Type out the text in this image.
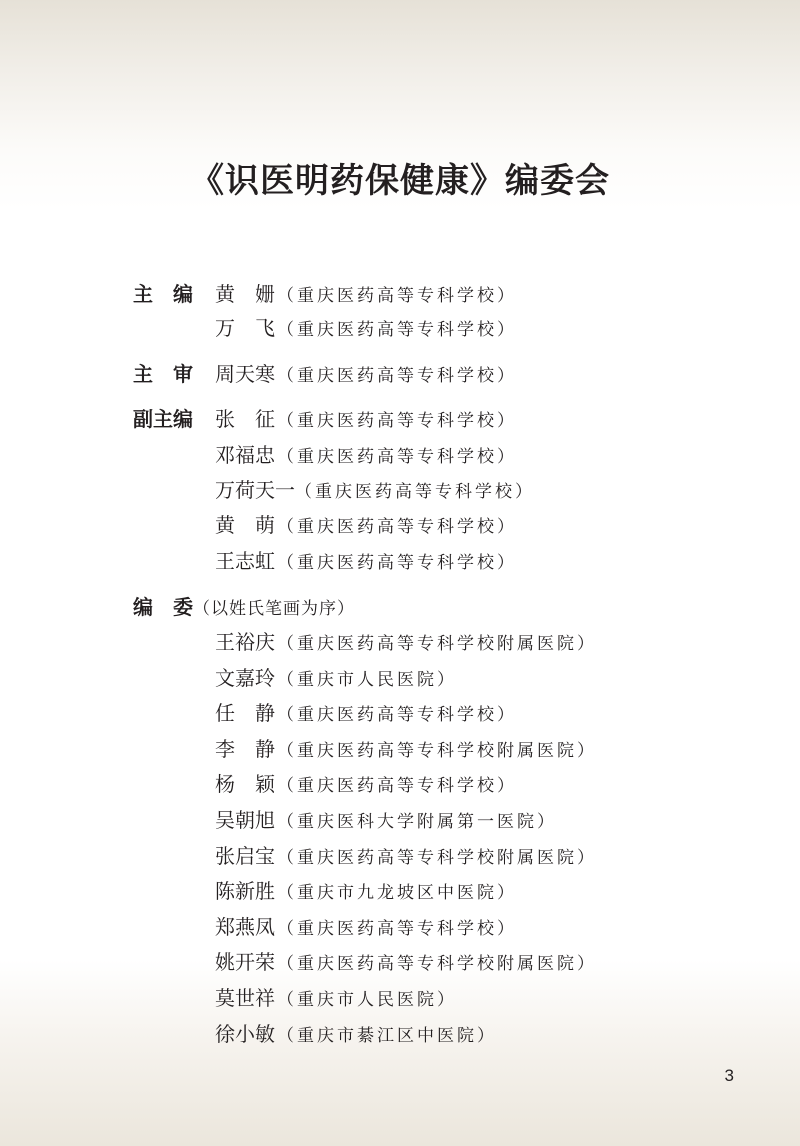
《识医明药保健康》编委会
主　编	黄　姗 （重庆医药高等专科学校）
万　飞 （重庆医药高等专科学校）
主　审	周天寒 （重庆医药高等专科学校）
副主编	张　征 （重庆医药高等专科学校）
邓福忠 （重庆医药高等专科学校）
万荷天一（重庆医药高等专科学校）
黄　萌 （重庆医药高等专科学校）
王志虹 （重庆医药高等专科学校）
编　委（以姓氏笔画为序）
王裕庆 （重庆医药高等专科学校附属医院）
文嘉玲 （重庆市人民医院）
任　静 （重庆医药高等专科学校）
李　静 （重庆医药高等专科学校附属医院）
杨　颖 （重庆医药高等专科学校）
吴朝旭 （重庆医科大学附属第一医院）
张启宝 （重庆医药高等专科学校附属医院）
陈新胜 （重庆市九龙坡区中医院）
郑燕凤 （重庆医药高等专科学校）
姚开荣 （重庆医药高等专科学校附属医院）
莫世祥 （重庆市人民医院）
徐小敏 （重庆市綦江区中医院）
3
